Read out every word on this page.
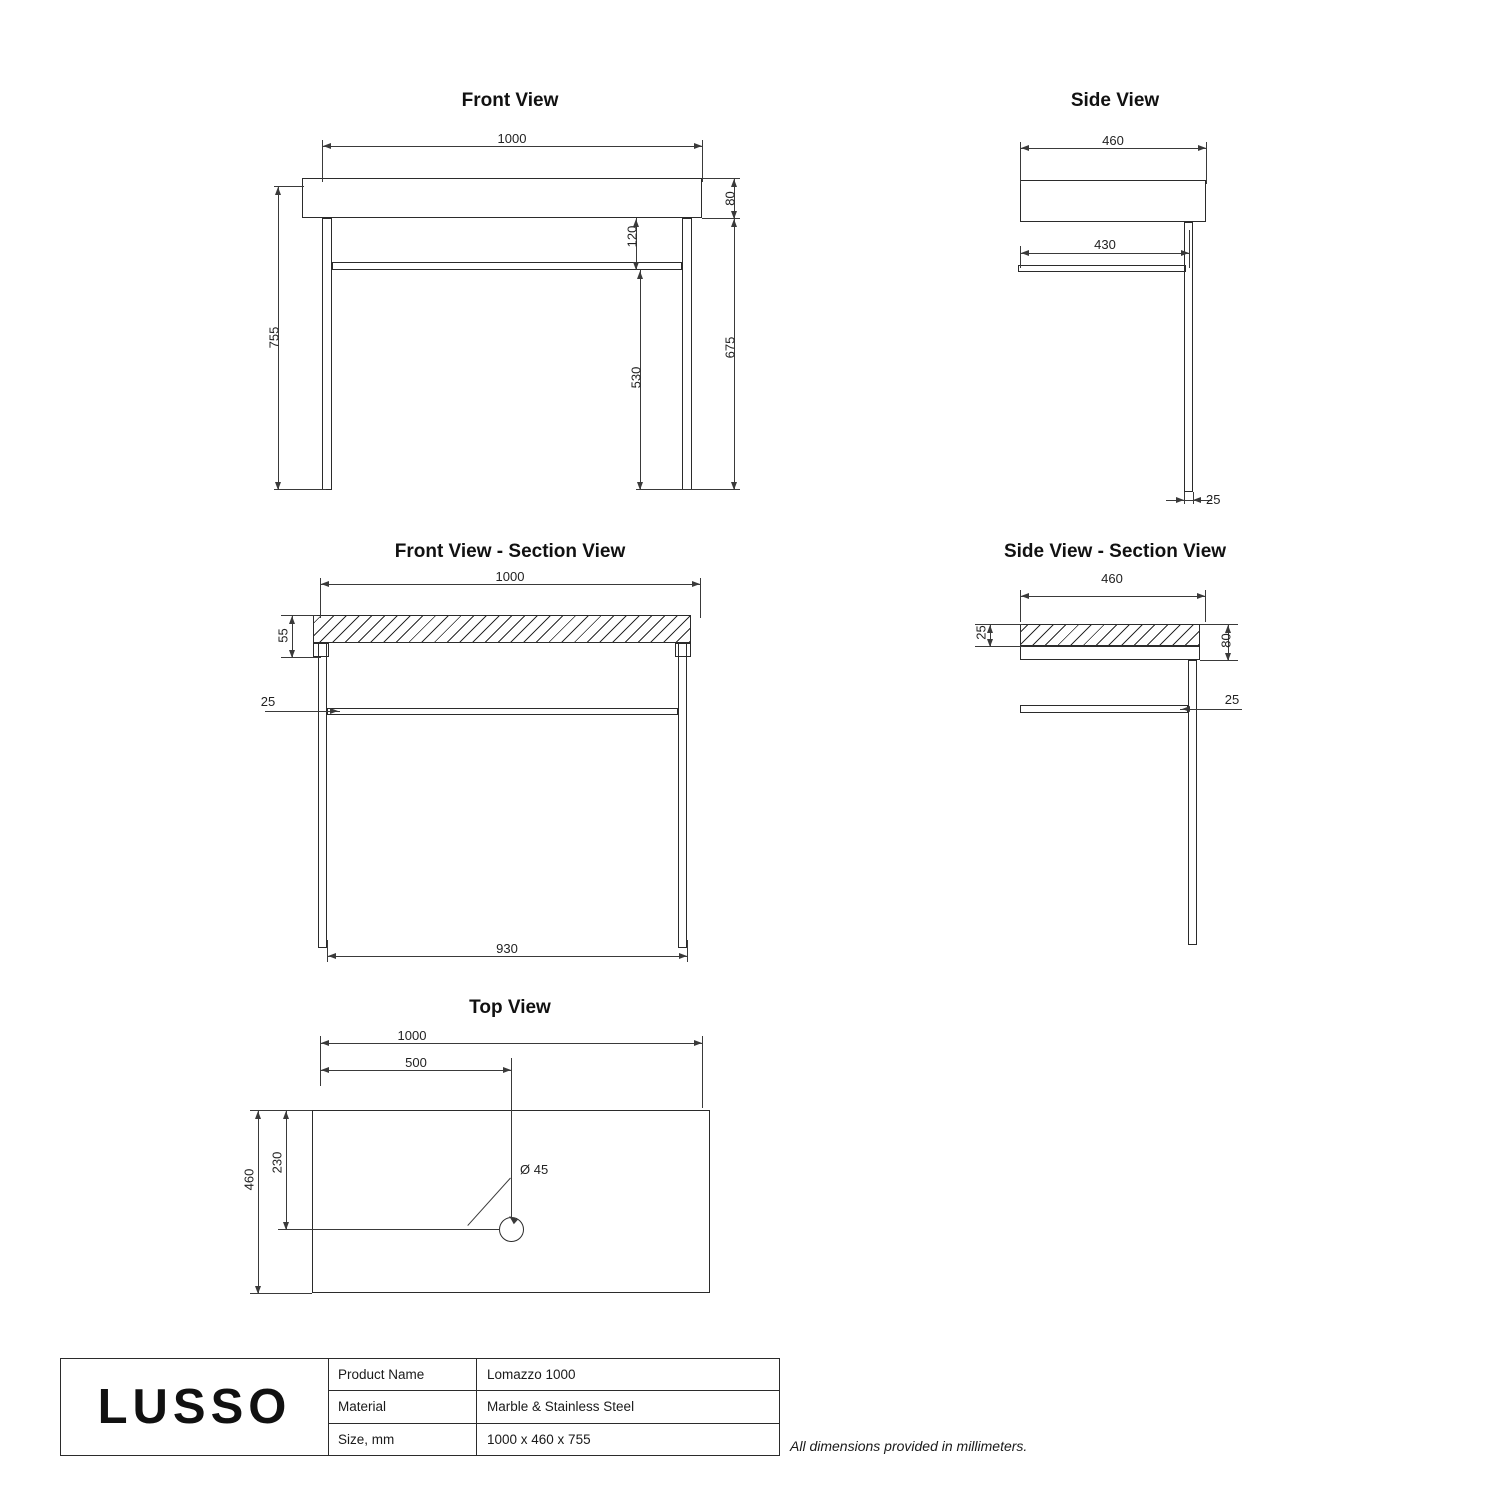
Front View
1000
80
120
755
530
675
Side View
460
430
25
Front View - Section View
1000
55
25
930
Side View - Section View
460
25
80
25
Top View
1000
500
460
230	Ø 45
LUSSO
Product Name	Lomazzo 1000
Material	Marble & Stainless Steel
Size, mm	1000 x 460 x 755	All dimensions provided in millimeters.
